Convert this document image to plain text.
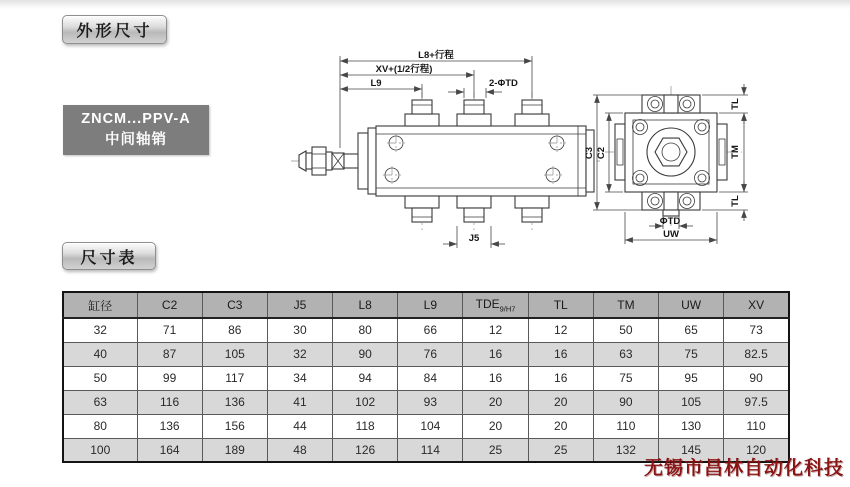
外形尺寸
ZNCM...PPV-A
中间轴销
L8+行程
XV+(1/2行程)
L9	2-ΦTD
J5
TL
TM
TL
C3 C2
ΦTD
UW
尺寸表
缸径	C2	C3	J5	L8	L9	$TDE_{9/H7}$	TL	TM	UW	XV
32	71	86	30	80	66	12	12	50	65	73
40	87	105	32	90	76	16	16	63	75	82.5
50	99	117	34	94	84	16	16	75	95	90
63	116	136	41	102	93	20	20	90	105	97.5
80	136	156	44	118	104	20	20	110	130	110
100	164	189	48	126	114	25	25	132	145	120
无锡市昌林自动化科技
